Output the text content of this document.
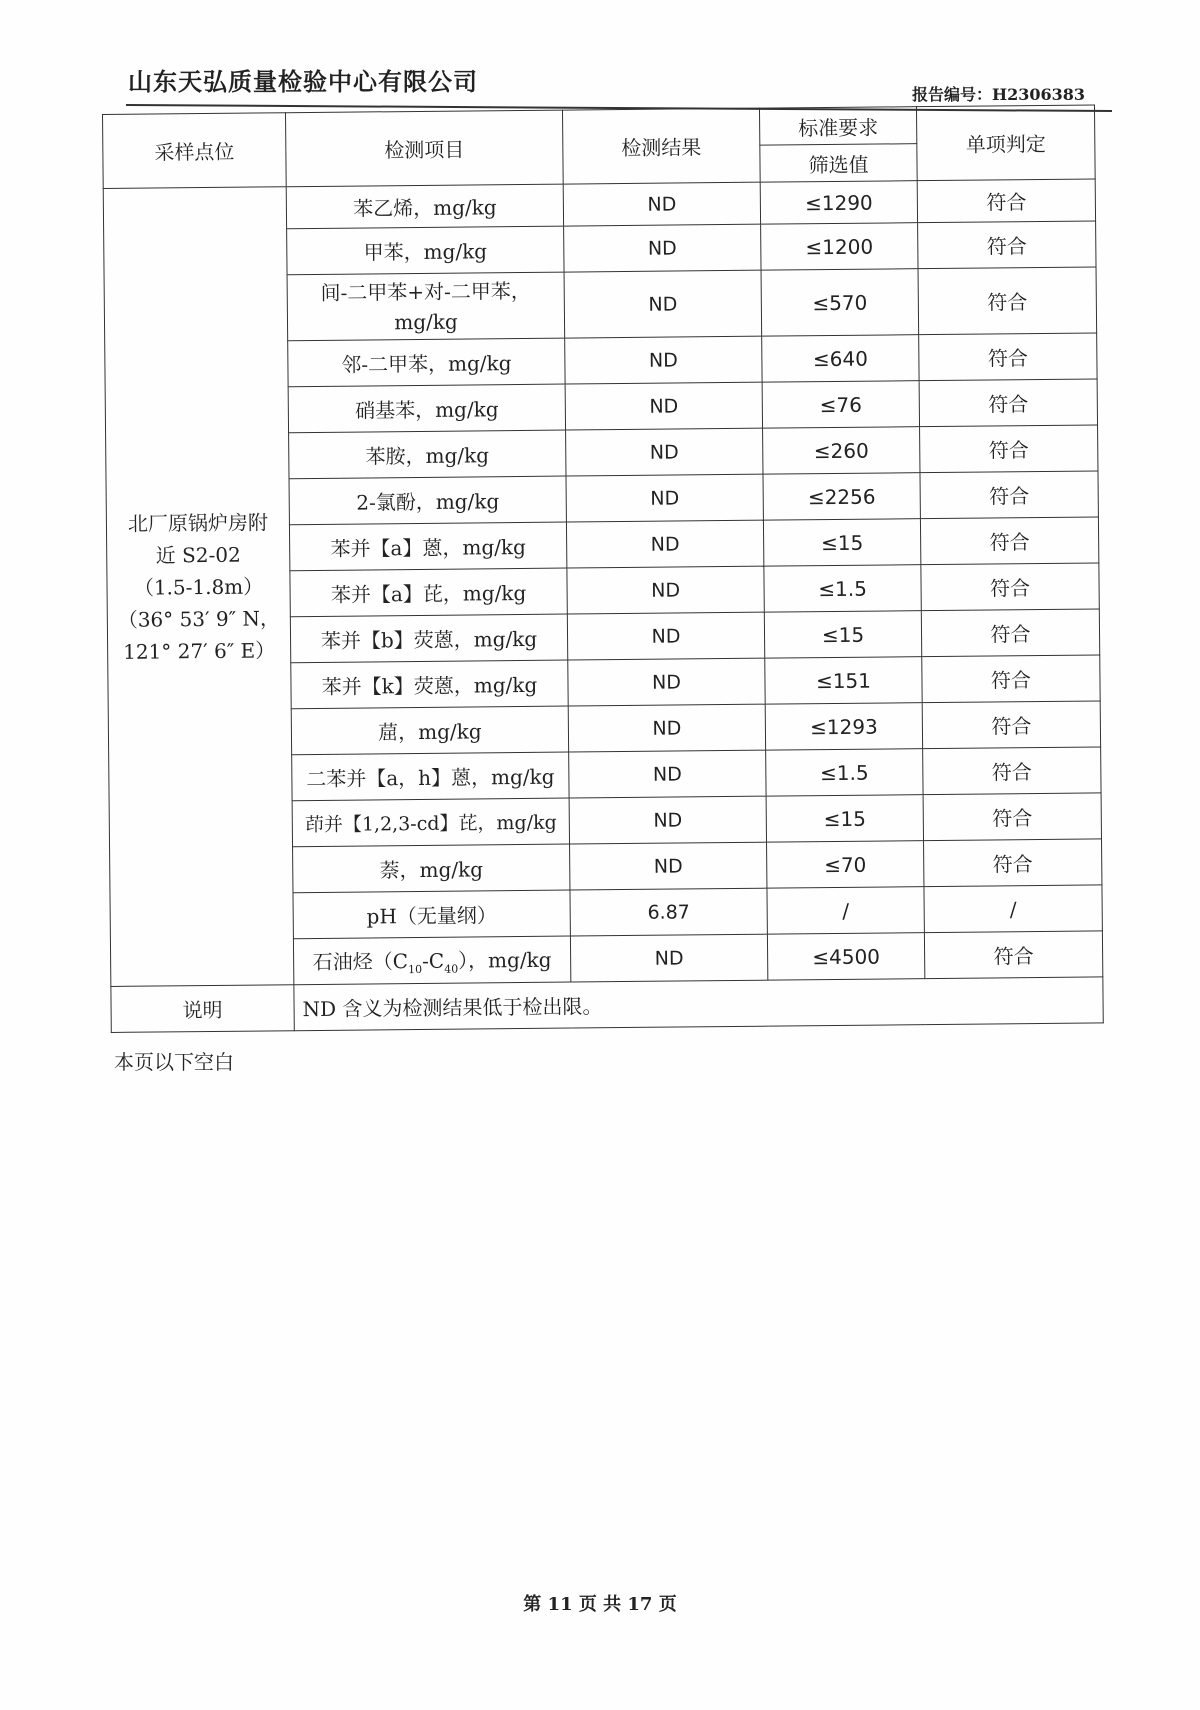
山东天弘质量检验中心有限公司	报告编号：H2306383
采样点位	检测项目	检测结果	标准要求	单项判定
			筛选值	

北厂原锅炉房附
近 S2-02
（1.5-1.8m）
（36° 53′ 9″ N，
121° 27′ 6″ E）	苯乙烯，mg/kg	ND	≤1290	符合
	甲苯，mg/kg	ND	≤1200	符合
	间-二甲苯+对-二甲苯，mg/kg	ND	≤570	符合
	邻-二甲苯，mg/kg	ND	≤640	符合
	硝基苯，mg/kg	ND	≤76	符合
	苯胺，mg/kg	ND	≤260	符合
	2-氯酚，mg/kg	ND	≤2256	符合
	苯并【a】蒽，mg/kg	ND	≤15	符合
	苯并【a】芘，mg/kg	ND	≤1.5	符合
	苯并【b】荧蒽，mg/kg	ND	≤15	符合
	苯并【k】荧蒽，mg/kg	ND	≤151	符合
	䓛，mg/kg	ND	≤1293	符合
	二苯并【a，h】蒽，mg/kg	ND	≤1.5	符合
	茚并【1,2,3-cd】芘，mg/kg	ND	≤15	符合
	萘，mg/kg	ND	≤70	符合
	pH（无量纲）	6.87	/	/
	石油烃$(C_{10}-C_{40})$，mg/kg	ND	≤4500	符合
说明	ND 含义为检测结果低于检出限。			
本页以下空白
第 11 页 共 17 页
